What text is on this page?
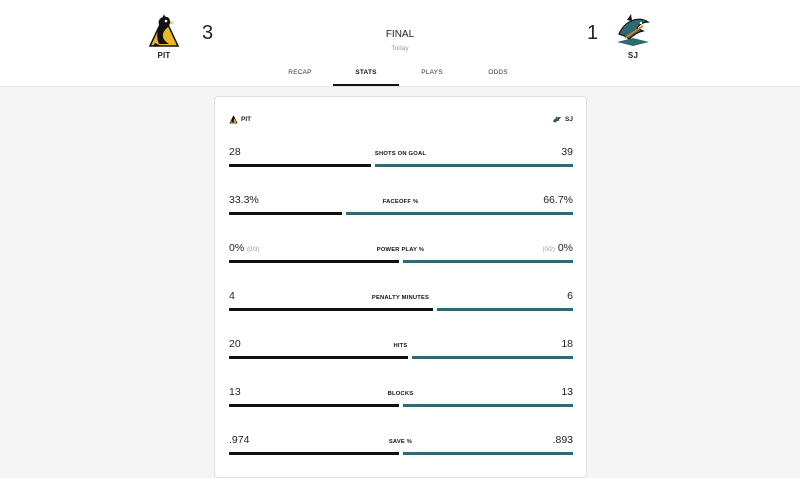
PIT
3	FINAL
Today
1
SJ
RECAP	STATS	PLAYS	ODDS
PIT	SJ
28	SHOTS ON GOAL	39
33.3%	FACEOFF %	66.7%
0% (0/3)	POWER PLAY %	(0/2) 0%
4	PENALTY MINUTES	6
20	HITS	18
13	BLOCKS	13
.974	SAVE %	.893
